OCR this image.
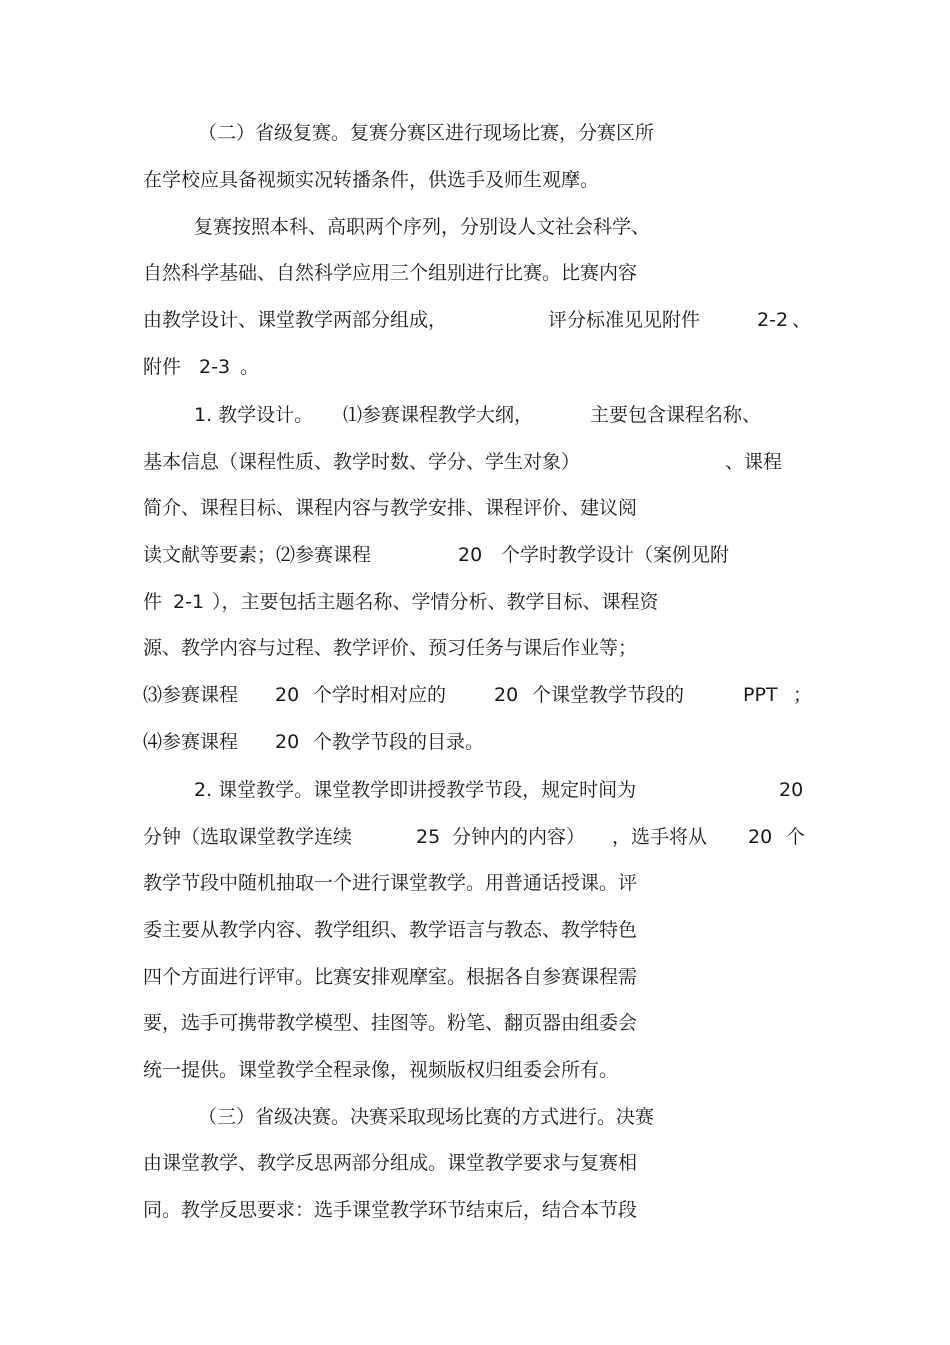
（二）省级复赛。复赛分赛区进行现场比赛，分赛区所
在学校应具备视频实况转播条件，供选手及师生观摩。
复赛按照本科、高职两个序列，分别设人文社会科学、
自然科学基础、自然科学应用三个组别进行比赛。比赛内容
由教学设计、课堂教学两部分组成，	评分标准见见附件	2-2 、
附件 2-3 。
1. 教学设计。 ⑴参赛课程教学大纲，	主要包含课程名称、
基本信息（课程性质、教学时数、学分、学生对象）	、课程
简介、课程目标、课程内容与教学安排、课程评价、建议阅
读文献等要素；⑵参赛课程	20 个学时教学设计（案例见附
件 2-1 ），主要包括主题名称、学情分析、教学目标、课程资
源、教学内容与过程、教学评价、预习任务与课后作业等；
⑶参赛课程 20 个学时相对应的	20 个课堂教学节段的	PPT ；
⑷参赛课程 20 个教学节段的目录。
2. 课堂教学。课堂教学即讲授教学节段，规定时间为	20
分钟（选取课堂教学连续	25 分钟内的内容） ，选手将从 20 个
教学节段中随机抽取一个进行课堂教学。用普通话授课。评
委主要从教学内容、教学组织、教学语言与教态、教学特色
四个方面进行评审。比赛安排观摩室。根据各自参赛课程需
要，选手可携带教学模型、挂图等。粉笔、翻页器由组委会
统一提供。课堂教学全程录像，视频版权归组委会所有。
（三）省级决赛。决赛采取现场比赛的方式进行。决赛
由课堂教学、教学反思两部分组成。课堂教学要求与复赛相
同。教学反思要求：选手课堂教学环节结束后，结合本节段
